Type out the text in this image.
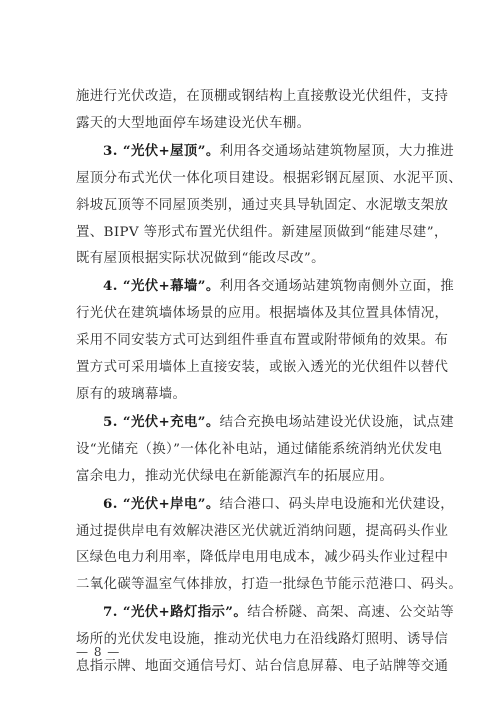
施进行光伏改造，在顶棚或钢结构上直接敷设光伏组件，支持
露天的大型地面停车场建设光伏车棚。

3. “光伏+屋顶”。利用各交通场站建筑物屋顶，大力推进
屋顶分布式光伏一体化项目建设。根据彩钢瓦屋顶、水泥平顶、
斜坡瓦顶等不同屋顶类别，通过夹具导轨固定、水泥墩支架放
置、BIPV 等形式布置光伏组件。新建屋顶做到“能建尽建”，
既有屋顶根据实际状况做到“能改尽改”。

4. “光伏+幕墙”。利用各交通场站建筑物南侧外立面，推
行光伏在建筑墙体场景的应用。根据墙体及其位置具体情况，
采用不同安装方式可达到组件垂直布置或附带倾角的效果。布
置方式可采用墙体上直接安装，或嵌入透光的光伏组件以替代
原有的玻璃幕墙。

5. “光伏+充电”。结合充换电场站建设光伏设施，试点建
设“光储充（换）”一体化补电站，通过储能系统消纳光伏发电
富余电力，推动光伏绿电在新能源汽车的拓展应用。

6. “光伏+岸电”。结合港口、码头岸电设施和光伏建设，
通过提供岸电有效解决港区光伏就近消纳问题，提高码头作业
区绿色电力利用率，降低岸电用电成本，减少码头作业过程中
二氧化碳等温室气体排放，打造一批绿色节能示范港口、码头。

7. “光伏+路灯指示”。结合桥隧、高架、高速、公交站等
场所的光伏发电设施，推动光伏电力在沿线路灯照明、诱导信
息指示牌、地面交通信号灯、站台信息屏幕、电子站牌等交通

— 8 —
